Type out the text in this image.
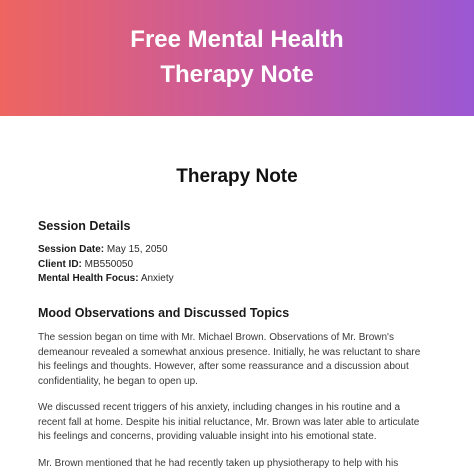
Free Mental Health
Therapy Note
Therapy Note
Session Details

Session Date: May 15, 2050

Client ID: MB550050

Mental Health Focus: Anxiety

Mood Observations and Discussed Topics

The session began on time with Mr. Michael Brown. Observations of Mr. Brown's
demeanour revealed a somewhat anxious presence. Initially, he was reluctant to share
his feelings and thoughts. However, after some reassurance and a discussion about
confidentiality, he began to open up.

We discussed recent triggers of his anxiety, including changes in his routine and a
recent fall at home. Despite his initial reluctance, Mr. Brown was later able to articulate
his feelings and concerns, providing valuable insight into his emotional state.

Mr. Brown mentioned that he had recently taken up physiotherapy to help with his
